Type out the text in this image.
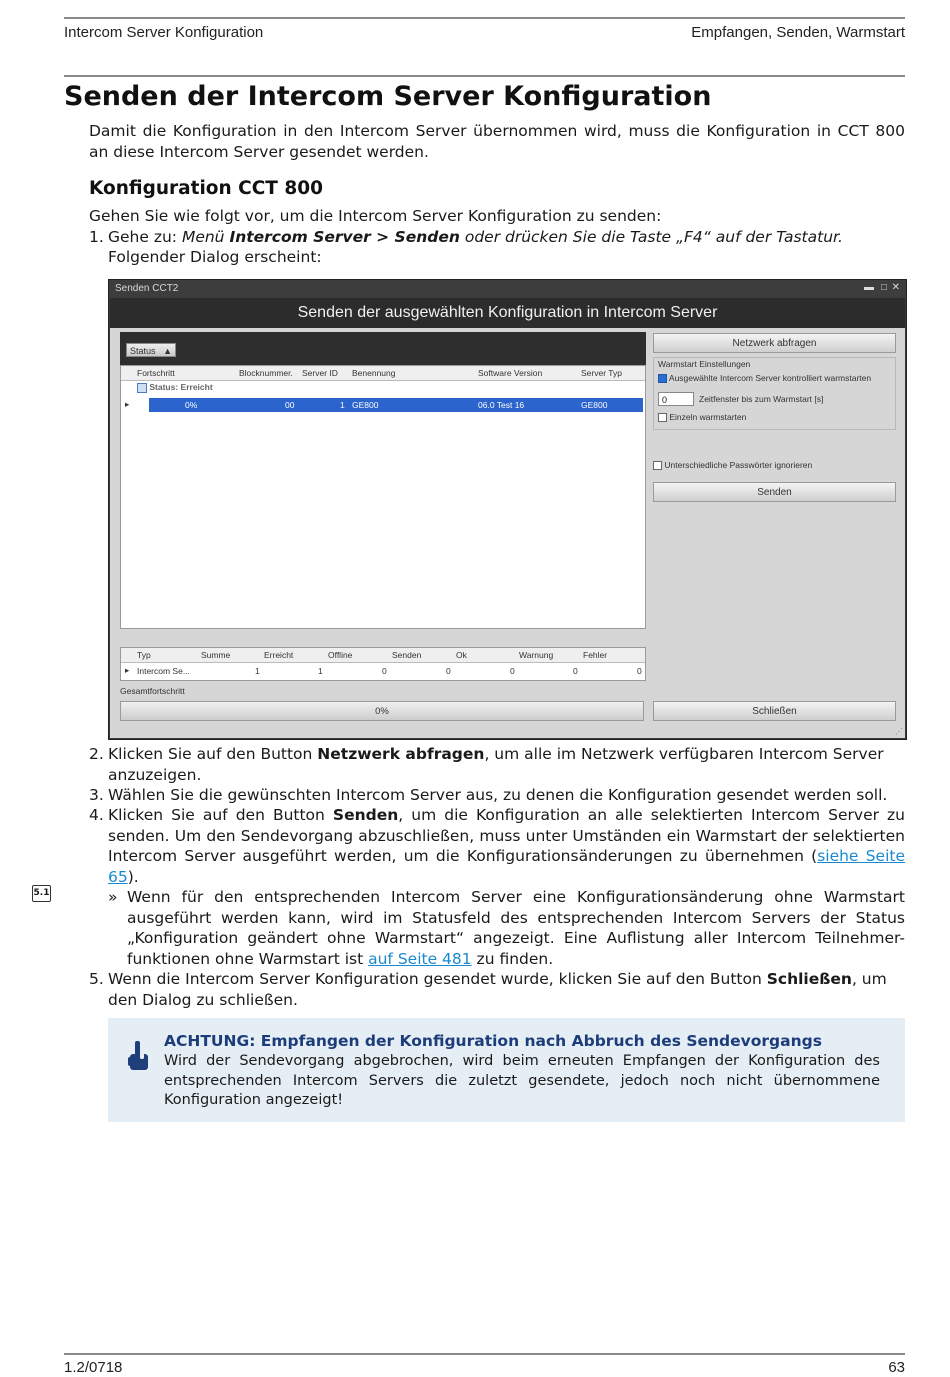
Intercom Server Konfiguration	Empfangen, Senden, Warmstart
Senden der Intercom Server Konfiguration
Damit die Konfiguration in den Intercom Server übernommen wird, muss die Konfiguration in CCT 800 an diese Intercom Server gesendet werden.
Konfiguration CCT 800
Gehen Sie wie folgt vor, um die Intercom Server Konfiguration zu senden:
1. Gehe zu: Menü Intercom Server > Senden oder drücken Sie die Taste „F4“ auf der Tastatur.
Folgender Dialog erscheint:
Senden CCT2	▬ □ ✕
Senden der ausgewählten Konfiguration in Intercom Server
Status ▲
Fortschritt	Blocknummer. Server ID Benennung	Software Version	Server Typ
Status: Erreicht
▸	0%	00	1 GE800	06.0 Test 16	GE800
Typ	Summe	Erreicht	Offline	Senden	Ok	Warnung	Fehler
▸ Intercom Se...	1	1	0	0	0	0	0
Gesamtfortschritt
0%
Netzwerk abfragen
Warmstart Einstellungen
Ausgewählte Intercom Server kontrolliert warmstarten
0	Zeitfenster bis zum Warmstart [s]
Einzeln warmstarten
Unterschiedliche Passwörter ignorieren
Senden
Schließen
⋰
2. Klicken Sie auf den Button Netzwerk abfragen, um alle im Netzwerk verfügbaren Intercom Server anzuzeigen.
3. Wählen Sie die gewünschten Intercom Server aus, zu denen die Konfiguration gesendet werden soll.
4. Klicken Sie auf den Button Senden, um die Konfiguration an alle selektierten Intercom Server zu senden. Um den Sendevorgang abzuschließen, muss unter Umständen ein Warmstart der selektierten Intercom Server ausgeführt werden, um die Konfigurationsänderungen zu übernehmen (siehe Seite 65).
5.1	» Wenn für den entsprechenden Intercom Server eine Konfigurationsänderung ohne Warmstart ausgeführt werden kann, wird im Statusfeld des entsprechenden Intercom Servers der Status „Konfiguration geändert ohne Warmstart“ angezeigt. Eine Auflistung aller Intercom Teilnehmer-funktionen ohne Warmstart ist auf Seite 481 zu finden.
5. Wenn die Intercom Server Konfiguration gesendet wurde, klicken Sie auf den Button Schließen, um den Dialog zu schließen.
ACHTUNG: Empfangen der Konfiguration nach Abbruch des Sendevorgangs
Wird der Sendevorgang abgebrochen, wird beim erneuten Empfangen der Konfiguration des entsprechenden Intercom Servers die zuletzt gesendete, jedoch noch nicht übernommene Konfiguration angezeigt!
1.2/0718	63
